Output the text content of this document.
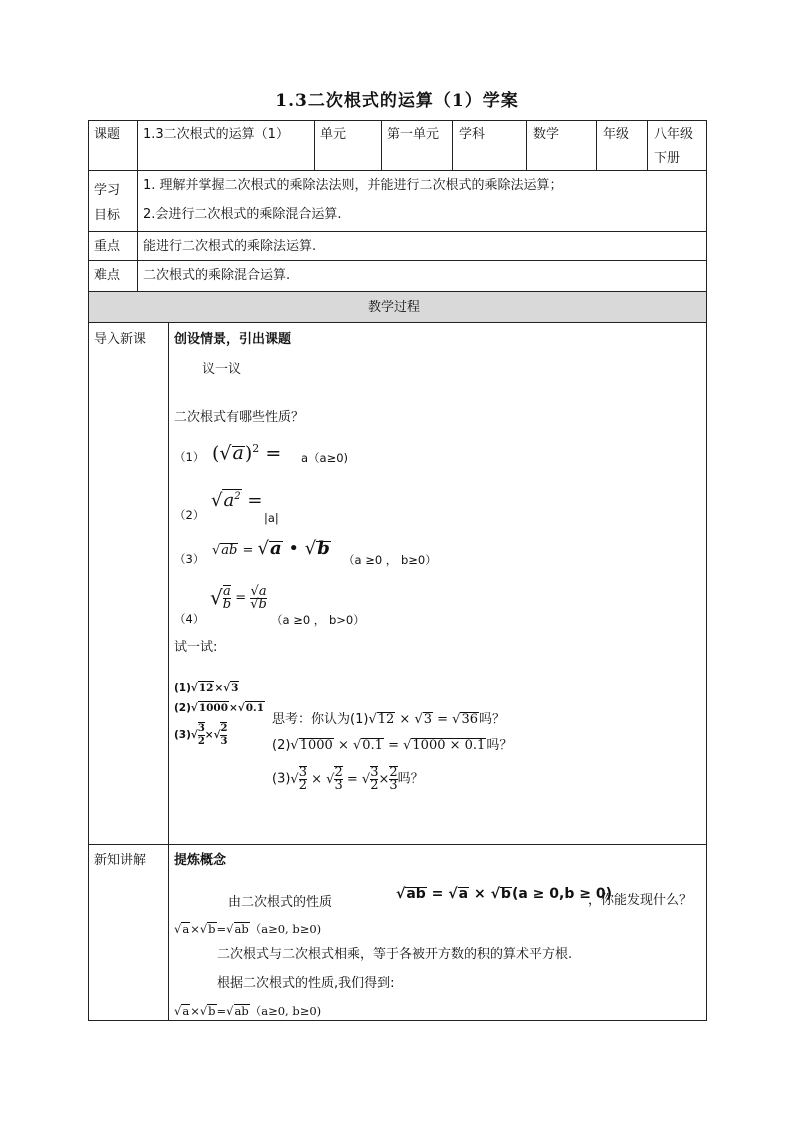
1.3二次根式的运算（1）学案
课题 1.3二次根式的运算（1） 单元	第一单元 学科	数学	年级 八年级
下册
学习
目标
1. 理解并掌握二次根式的乘除法法则，并能进行二次根式的乘除法运算；
2.会进行二次根式的乘除混合运算.
重点 能进行二次根式的乘除法运算.
难点 二次根式的乘除混合运算.
教学过程
导入新课 创设情景，引出课题
议一议
二次根式有哪些性质？
（1） $(√a)^2 = a(a\ge 0)$
（2）
$√a^2$ =
|a|
（3）
√ab = √a • √b
（a ≥0 ， b≥0）
（4）
√ $\frac{a}{b} = \frac{√a}{√b}$
（a ≥0 ， b>0）
试一试:
(1)√12×√3
(2)√1000×√0.1
$(3)√ \frac{3}{2}$ ×√ $\frac{2}{3}$
思考：你认为(1)√12 × √3 = √36吗？
(2)√1000 × √0.1 = √1000 × 0.1吗？
$(3)√ \frac{3}{2}$ × √ $\frac{2}{3}$ = √ $\frac{3}{2} \times \frac{2}{3}$ 吗？
新知讲解 提炼概念
由二次根式的性质
√ab = √a × √b(a ≥ 0,b ≥ 0)
，你能发现什么？
√a×√b=√ab（a≥0, b≥0)
二次根式与二次根式相乘，等于各被开方数的积的算术平方根.
根据二次根式的性质,我们得到:
√a×√b=√ab（a≥0, b≥0)
